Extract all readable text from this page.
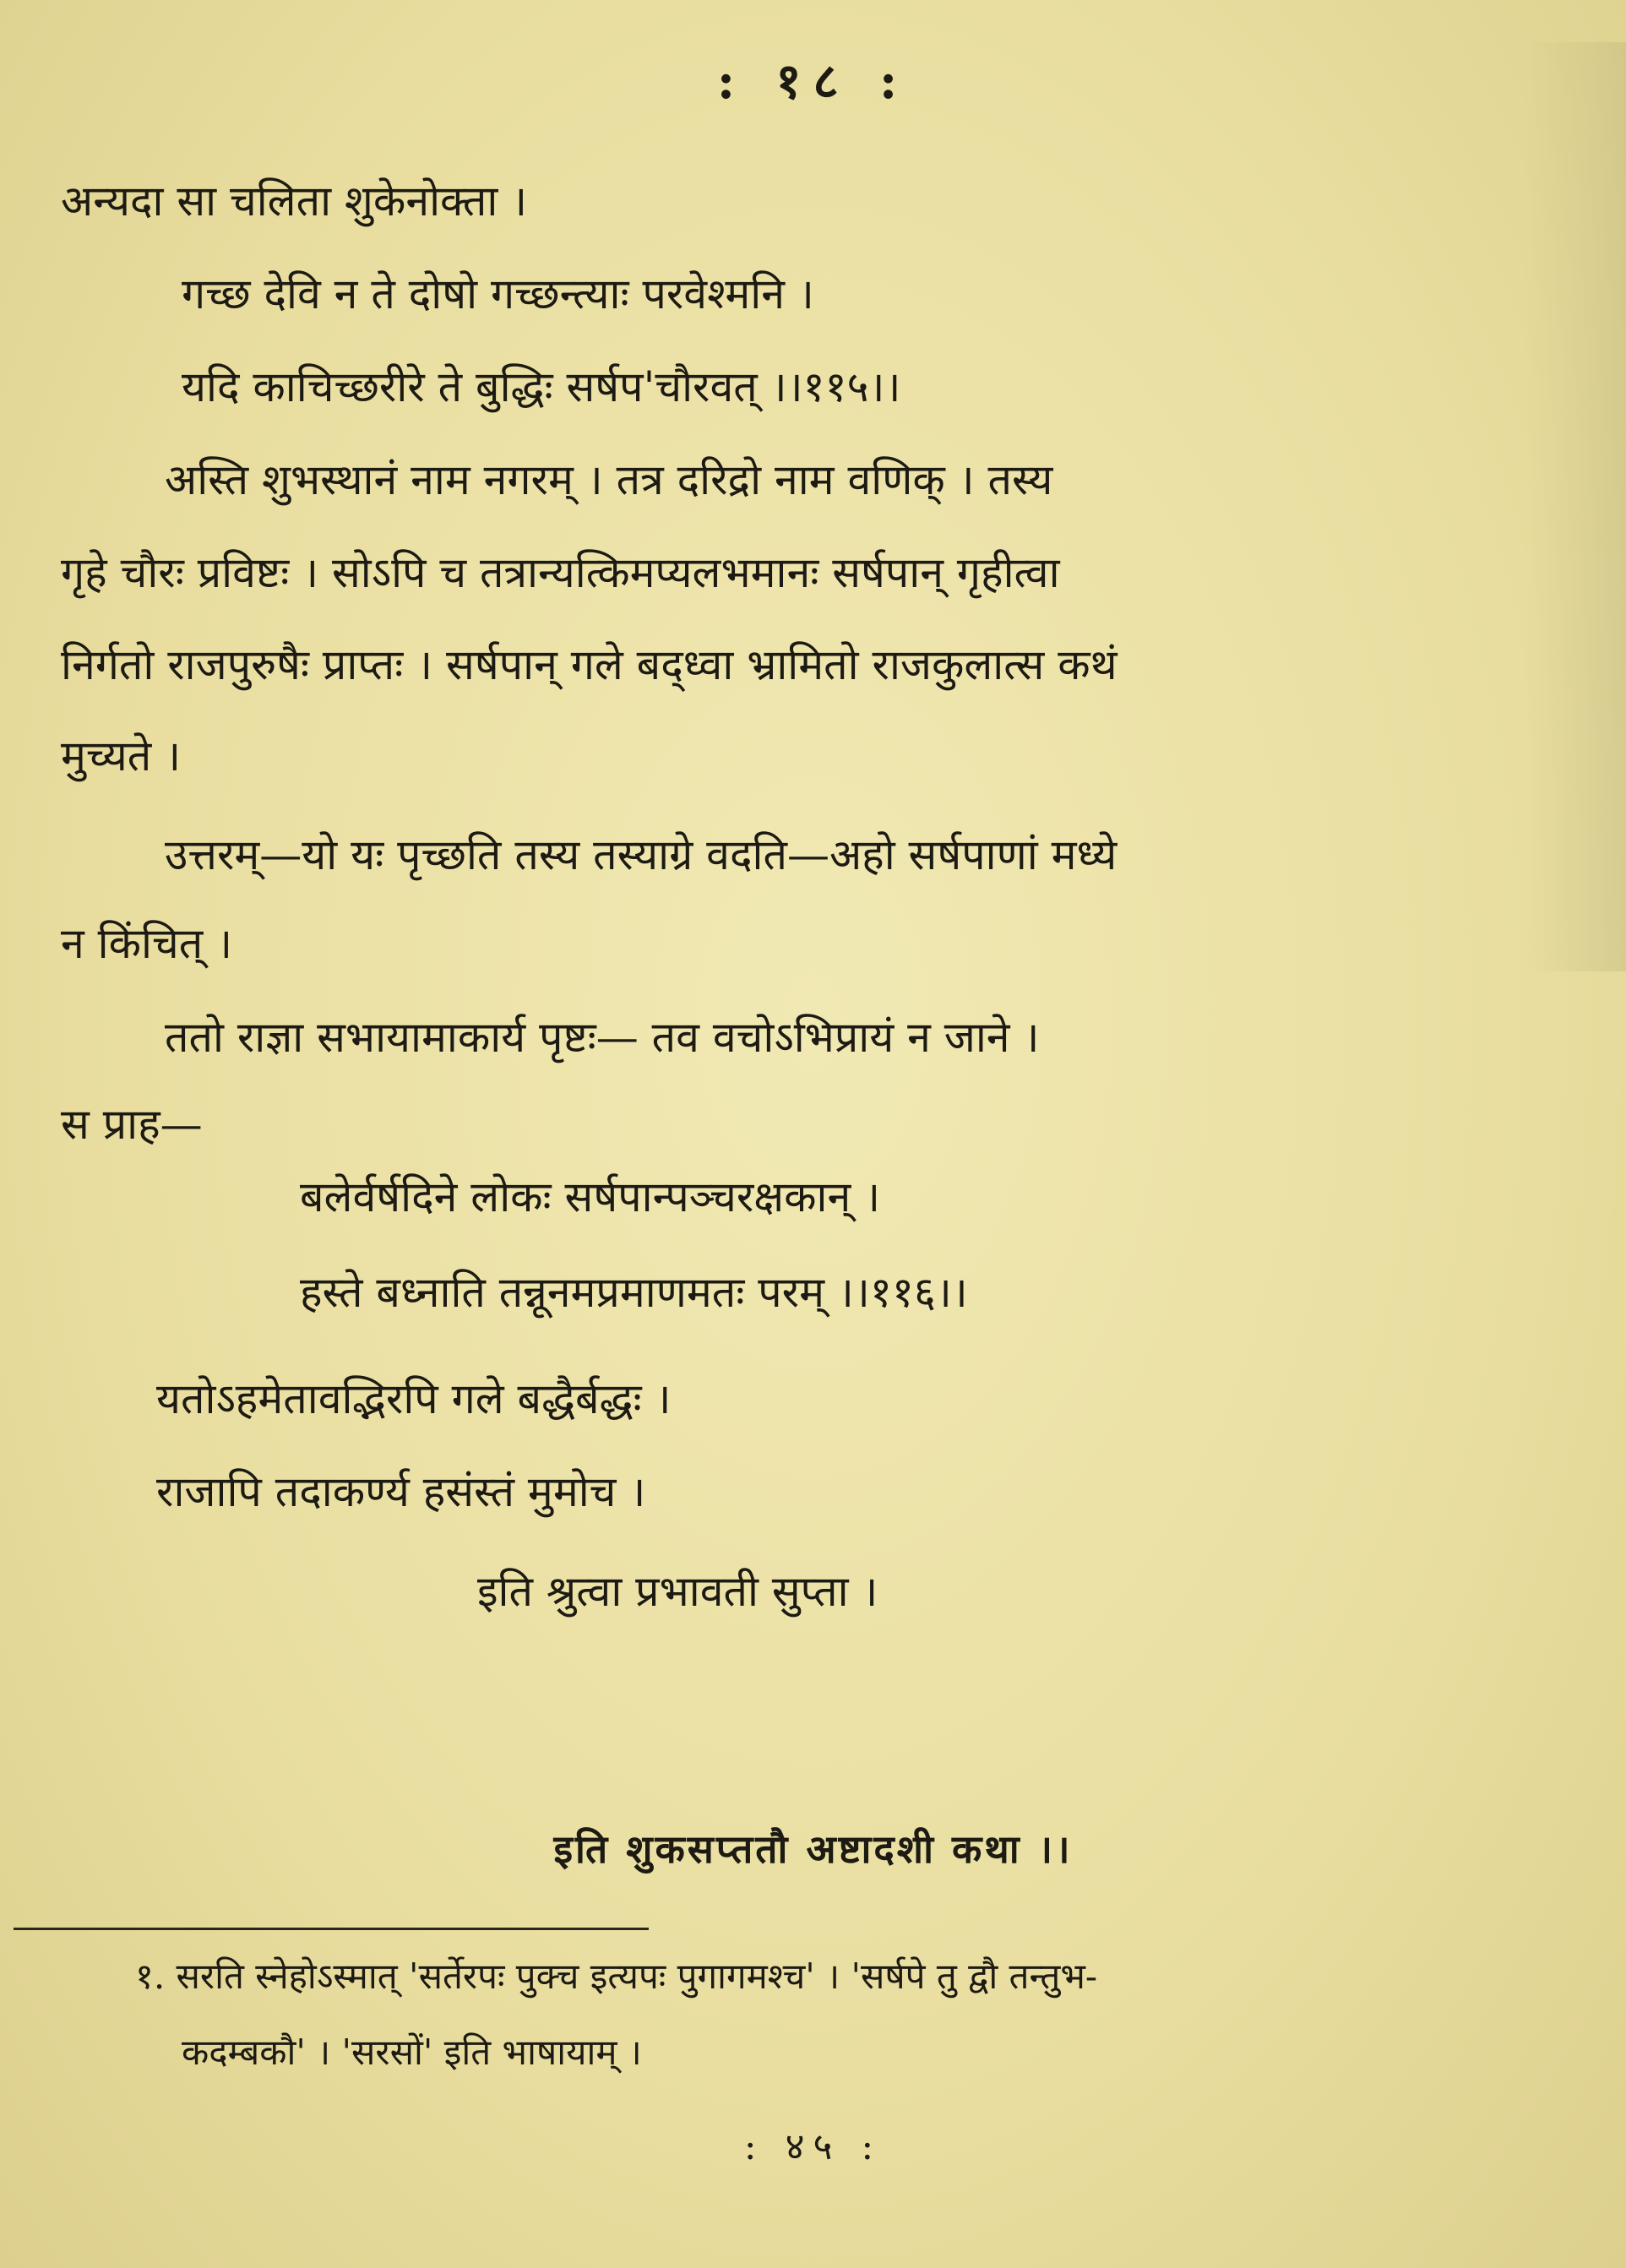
: १८ :
अन्यदा सा चलिता शुकेनोक्ता ।
गच्छ देवि न ते दोषो गच्छन्त्याः परवेश्मनि ।
यदि काचिच्छरीरे ते बुद्धिः सर्षप'चौरवत् ।।११५।।
अस्ति शुभस्थानं नाम नगरम् । तत्र दरिद्रो नाम वणिक् । तस्य
गृहे चौरः प्रविष्टः । सोऽपि च तत्रान्यत्किमप्यलभमानः सर्षपान् गृहीत्वा
निर्गतो राजपुरुषैः प्राप्तः । सर्षपान् गले बद्ध्वा भ्रामितो राजकुलात्स कथं
मुच्यते ।
उत्तरम्—यो यः पृच्छति तस्य तस्याग्रे वदति—अहो सर्षपाणां मध्ये
न किंचित् ।
ततो राज्ञा सभायामाकार्य पृष्टः— तव वचोऽभिप्रायं न जाने ।
स प्राह—
बलेर्वर्षदिने लोकः सर्षपान्पञ्चरक्षकान् ।
हस्ते बध्नाति तन्नूनमप्रमाणमतः परम् ।।११६।।
यतोऽहमेतावद्भिरपि गले बद्धैर्बद्धः ।
राजापि तदाकर्ण्य हसंस्तं मुमोच ।
इति श्रुत्वा प्रभावती सुप्ता ।
इति शुकसप्ततौ अष्टादशी कथा ।।
१. सरति स्नेहोऽस्मात् 'सर्तेरपः पुक्च इत्यपः पुगागमश्च' । 'सर्षपे तु द्वौ तन्तुभ-
कदम्बकौ' । 'सरसों' इति भाषायाम् ।
: ४५ :
